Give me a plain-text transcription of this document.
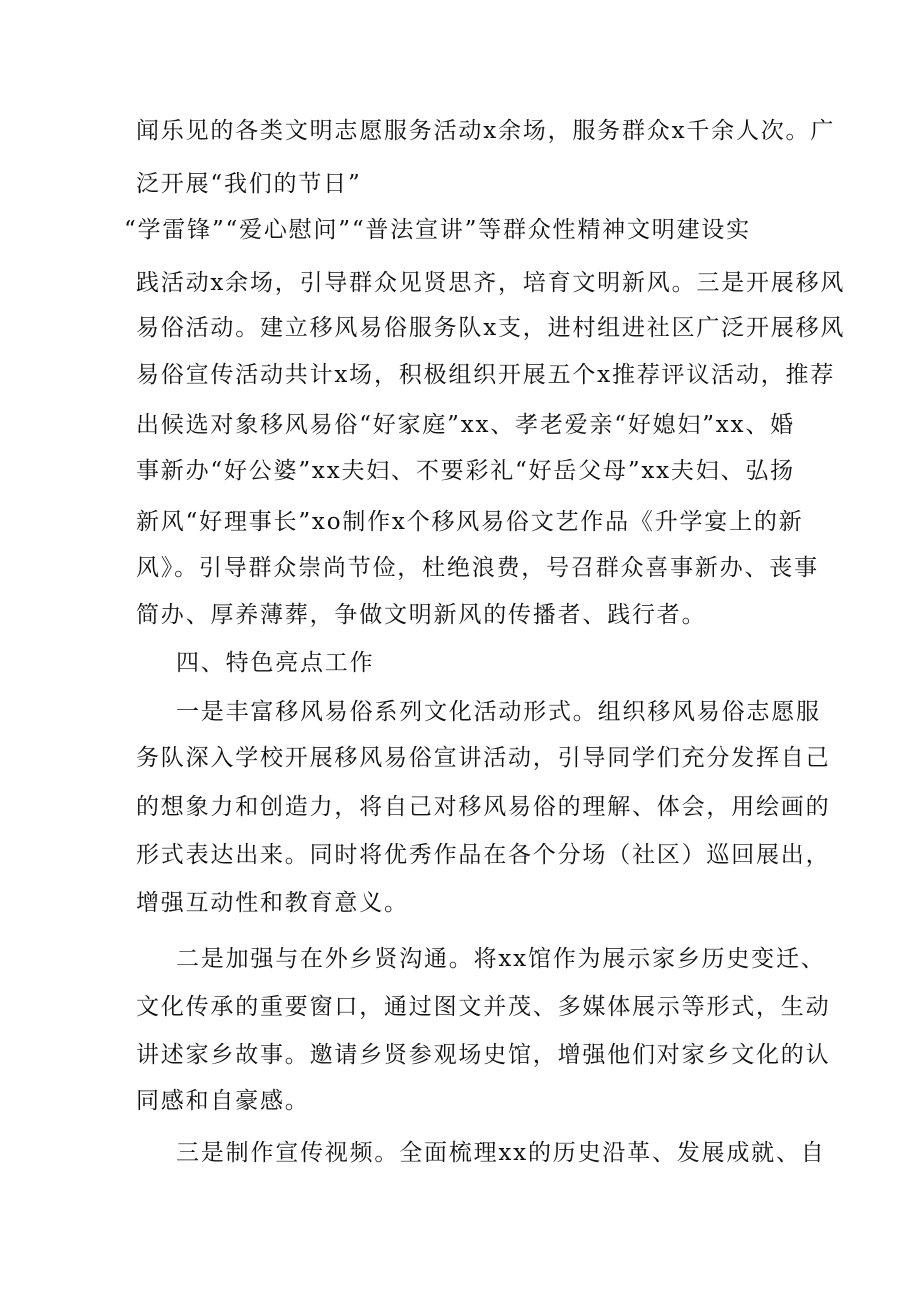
闻乐见的各类文明志愿服务活动x余场，服务群众x千余人次。广
泛开展“我们的节日”
“学雷锋”“爱心慰问”“普法宣讲”等群众性精神文明建设实
践活动x余场，引导群众见贤思齐，培育文明新风。三是开展移风
易俗活动。建立移风易俗服务队x支，进村组进社区广泛开展移风
易俗宣传活动共计x场，积极组织开展五个x推荐评议活动，推荐
出候选对象移风易俗“好家庭”xx、孝老爱亲“好媳妇”xx、婚
事新办“好公婆”xx夫妇、不要彩礼“好岳父母”xx夫妇、弘扬
新风“好理事长”xo制作x个移风易俗文艺作品《升学宴上的新
风》。引导群众崇尚节俭，杜绝浪费，号召群众喜事新办、丧事
简办、厚养薄葬，争做文明新风的传播者、践行者。
四、特色亮点工作
一是丰富移风易俗系列文化活动形式。组织移风易俗志愿服
务队深入学校开展移风易俗宣讲活动，引导同学们充分发挥自己
的想象力和创造力，将自己对移风易俗的理解、体会，用绘画的
形式表达出来。同时将优秀作品在各个分场（社区）巡回展出，
增强互动性和教育意义。
二是加强与在外乡贤沟通。将xx馆作为展示家乡历史变迁、
文化传承的重要窗口，通过图文并茂、多媒体展示等形式，生动
讲述家乡故事。邀请乡贤参观场史馆，增强他们对家乡文化的认
同感和自豪感。
三是制作宣传视频。全面梳理xx的历史沿革、发展成就、自
